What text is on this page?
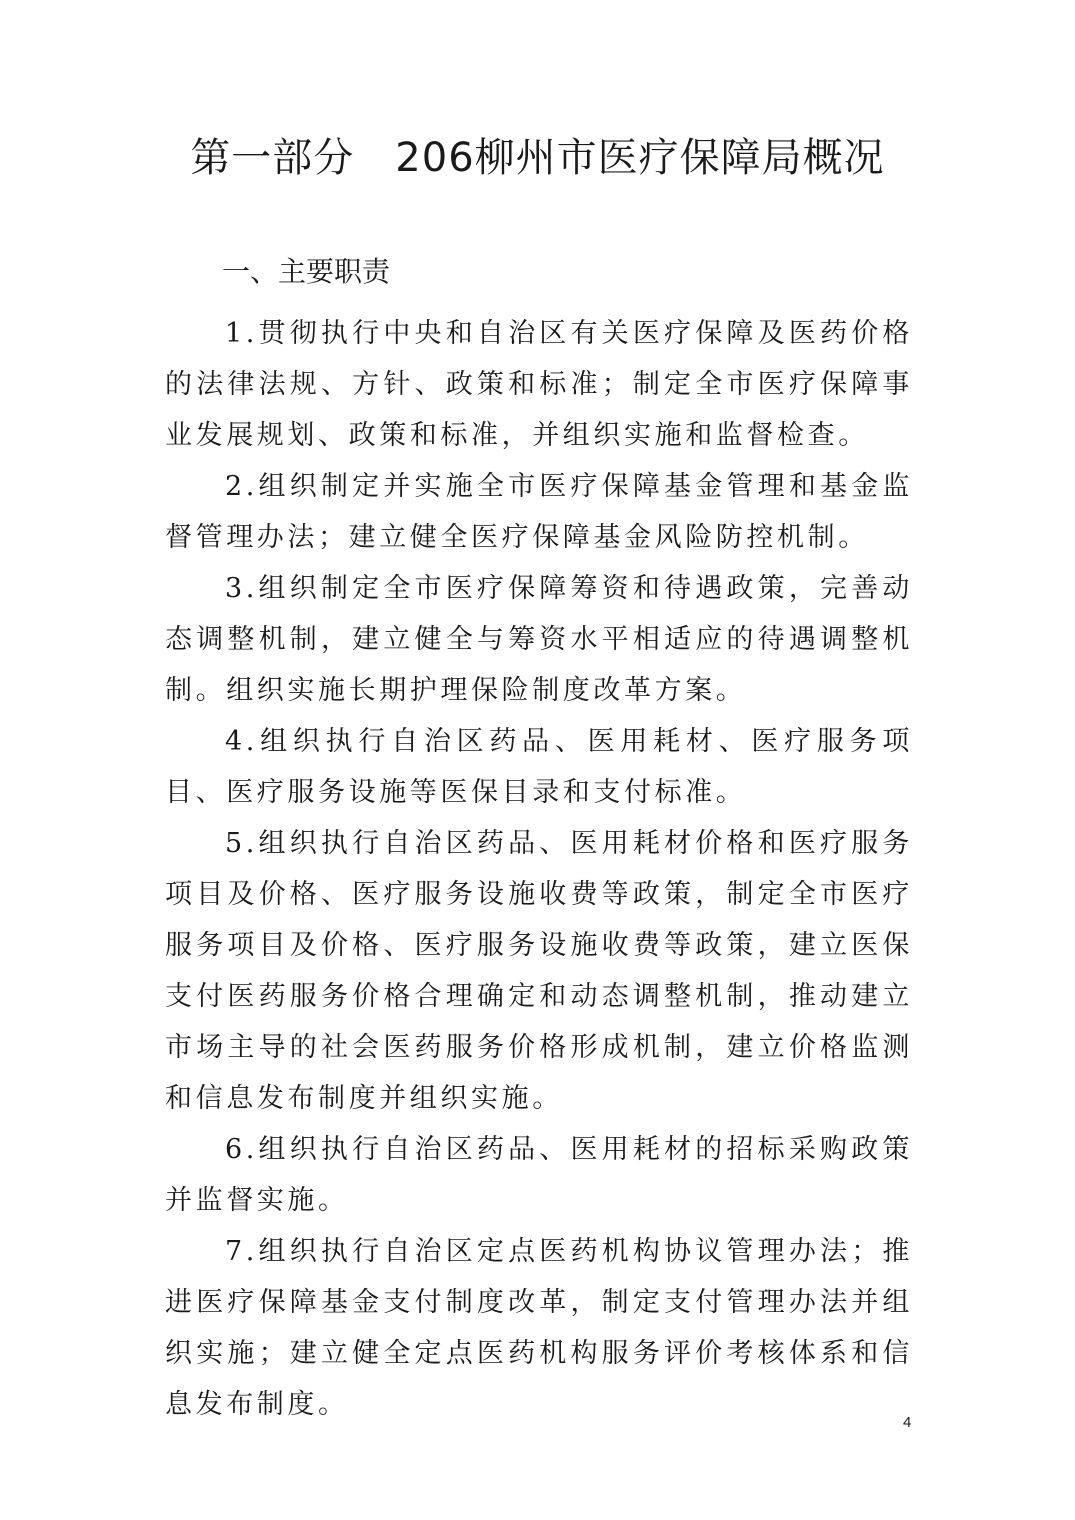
第一部分　206柳州市医疗保障局概况
一、主要职责

1.贯彻执行中央和自治区有关医疗保障及医药价格的法律法规、方针、政策和标准；制定全市医疗保障事业发展规划、政策和标准，并组织实施和监督检查。

2.组织制定并实施全市医疗保障基金管理和基金监督管理办法；建立健全医疗保障基金风险防控机制。

3.组织制定全市医疗保障筹资和待遇政策，完善动态调整机制，建立健全与筹资水平相适应的待遇调整机制。组织实施长期护理保险制度改革方案。

4.组织执行自治区药品、医用耗材、医疗服务项目、医疗服务设施等医保目录和支付标准。

5.组织执行自治区药品、医用耗材价格和医疗服务项目及价格、医疗服务设施收费等政策，制定全市医疗服务项目及价格、医疗服务设施收费等政策，建立医保支付医药服务价格合理确定和动态调整机制，推动建立市场主导的社会医药服务价格形成机制，建立价格监测和信息发布制度并组织实施。

6.组织执行自治区药品、医用耗材的招标采购政策并监督实施。

7.组织执行自治区定点医药机构协议管理办法；推进医疗保障基金支付制度改革，制定支付管理办法并组织实施；建立健全定点医药机构服务评价考核体系和信息发布制度。

4
